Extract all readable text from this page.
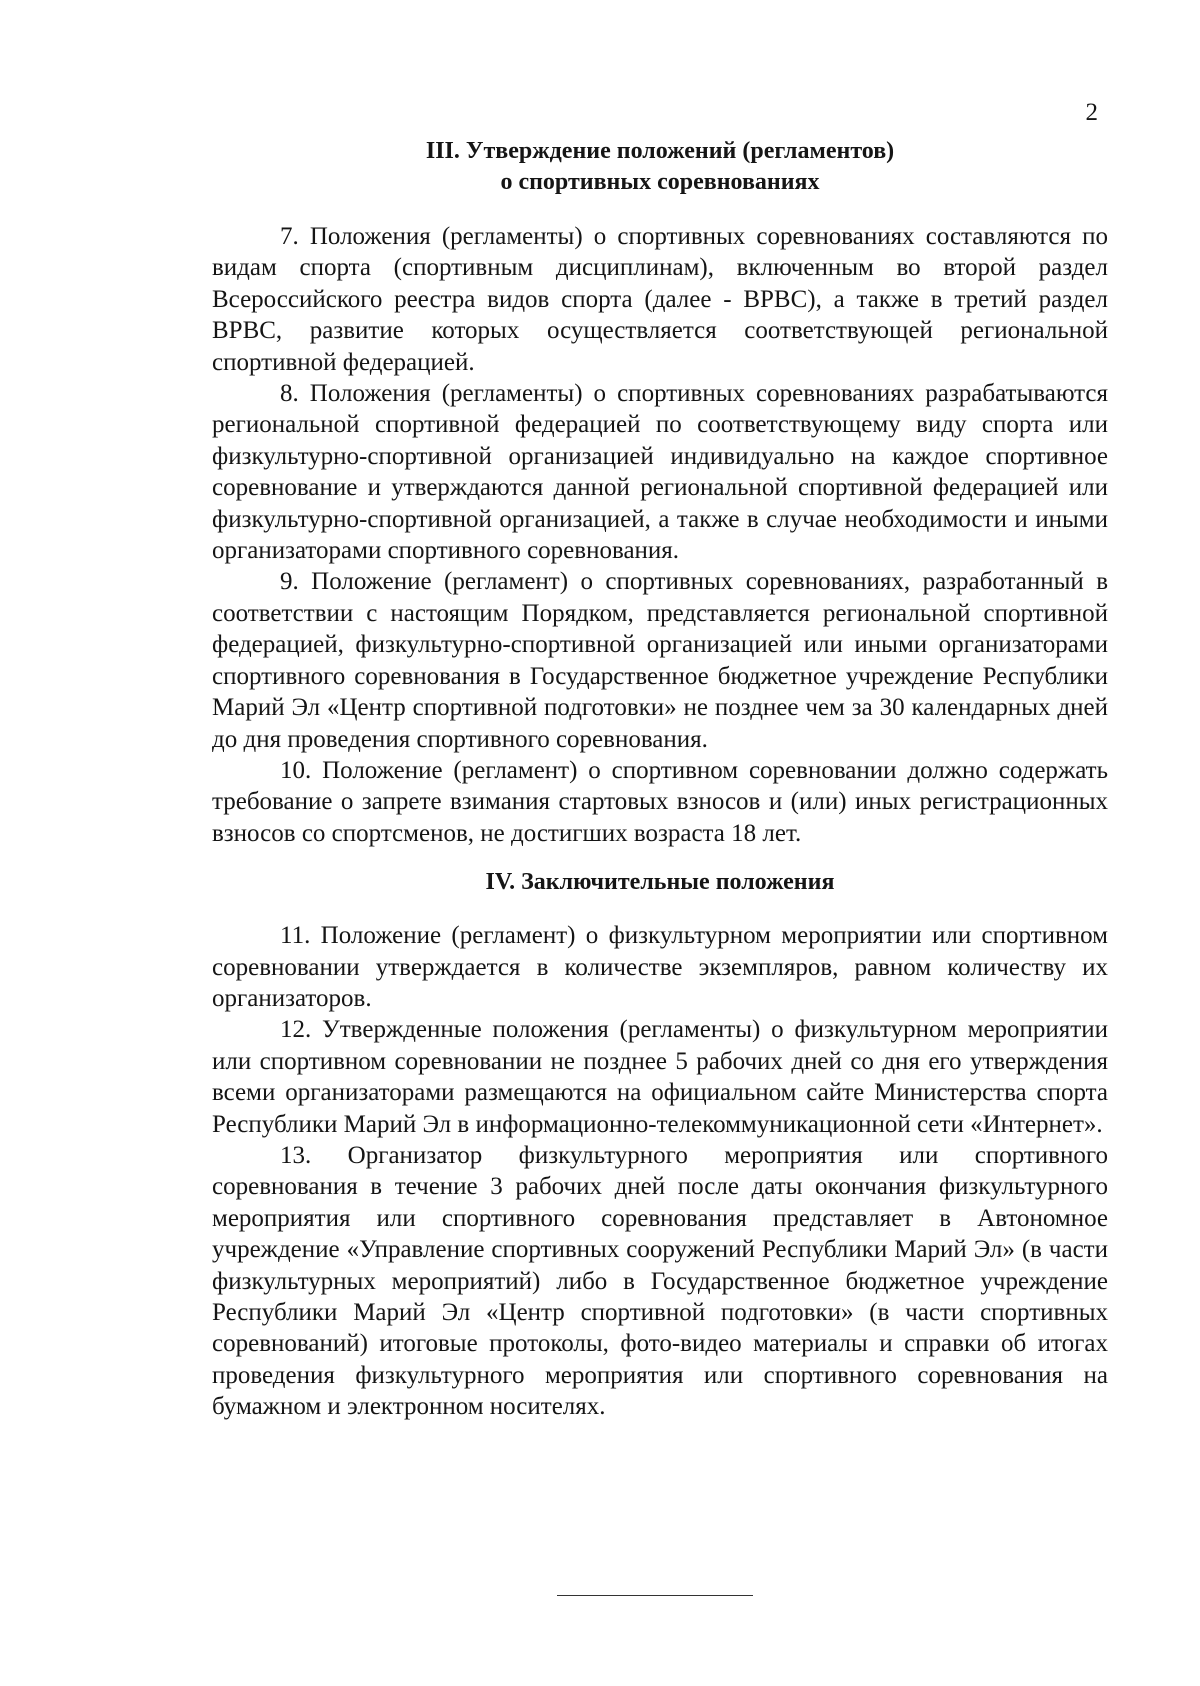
2
III. Утверждение положений (регламентов)
о спортивных соревнованиях

7. Положения (регламенты) о спортивных соревнованиях составляются по видам спорта (спортивным дисциплинам), включенным во второй раздел Всероссийского реестра видов спорта (далее - ВРВС), а также в третий раздел ВРВС, развитие которых осуществляется соответствующей региональной спортивной федерацией.

8. Положения (регламенты) о спортивных соревнованиях разрабатываются региональной спортивной федерацией по соответствующему виду спорта или физкультурно-спортивной организацией индивидуально на каждое спортивное соревнование и утверждаются данной региональной спортивной федерацией или физкультурно-спортивной организацией, а также в случае необходимости и иными организаторами спортивного соревнования.

9. Положение (регламент) о спортивных соревнованиях, разработанный в соответствии с настоящим Порядком, представляется региональной спортивной федерацией, физкультурно-спортивной организацией или иными организаторами спортивного соревнования в Государственное бюджетное учреждение Республики Марий Эл «Центр спортивной подготовки» не позднее чем за 30 календарных дней до дня проведения спортивного соревнования.

10. Положение (регламент) о спортивном соревновании должно содержать требование о запрете взимания стартовых взносов и (или) иных регистрационных взносов со спортсменов, не достигших возраста 18 лет.

IV. Заключительные положения

11. Положение (регламент) о физкультурном мероприятии или спортивном соревновании утверждается в количестве экземпляров, равном количеству их организаторов.

12. Утвержденные положения (регламенты) о физкультурном мероприятии или спортивном соревновании не позднее 5 рабочих дней со дня его утверждения всеми организаторами размещаются на официальном сайте Министерства спорта Республики Марий Эл в информационно-телекоммуникационной сети «Интернет».

13. Организатор физкультурного мероприятия или спортивного соревнования в течение 3 рабочих дней после даты окончания физкультурного мероприятия или спортивного соревнования представляет в Автономное учреждение «Управление спортивных сооружений Республики Марий Эл» (в части физкультурных мероприятий) либо в Государственное бюджетное учреждение Республики Марий Эл «Центр спортивной подготовки» (в части спортивных соревнований) итоговые протоколы, фото-видео материалы и справки об итогах проведения физкультурного мероприятия или спортивного соревнования на бумажном и электронном носителях.
